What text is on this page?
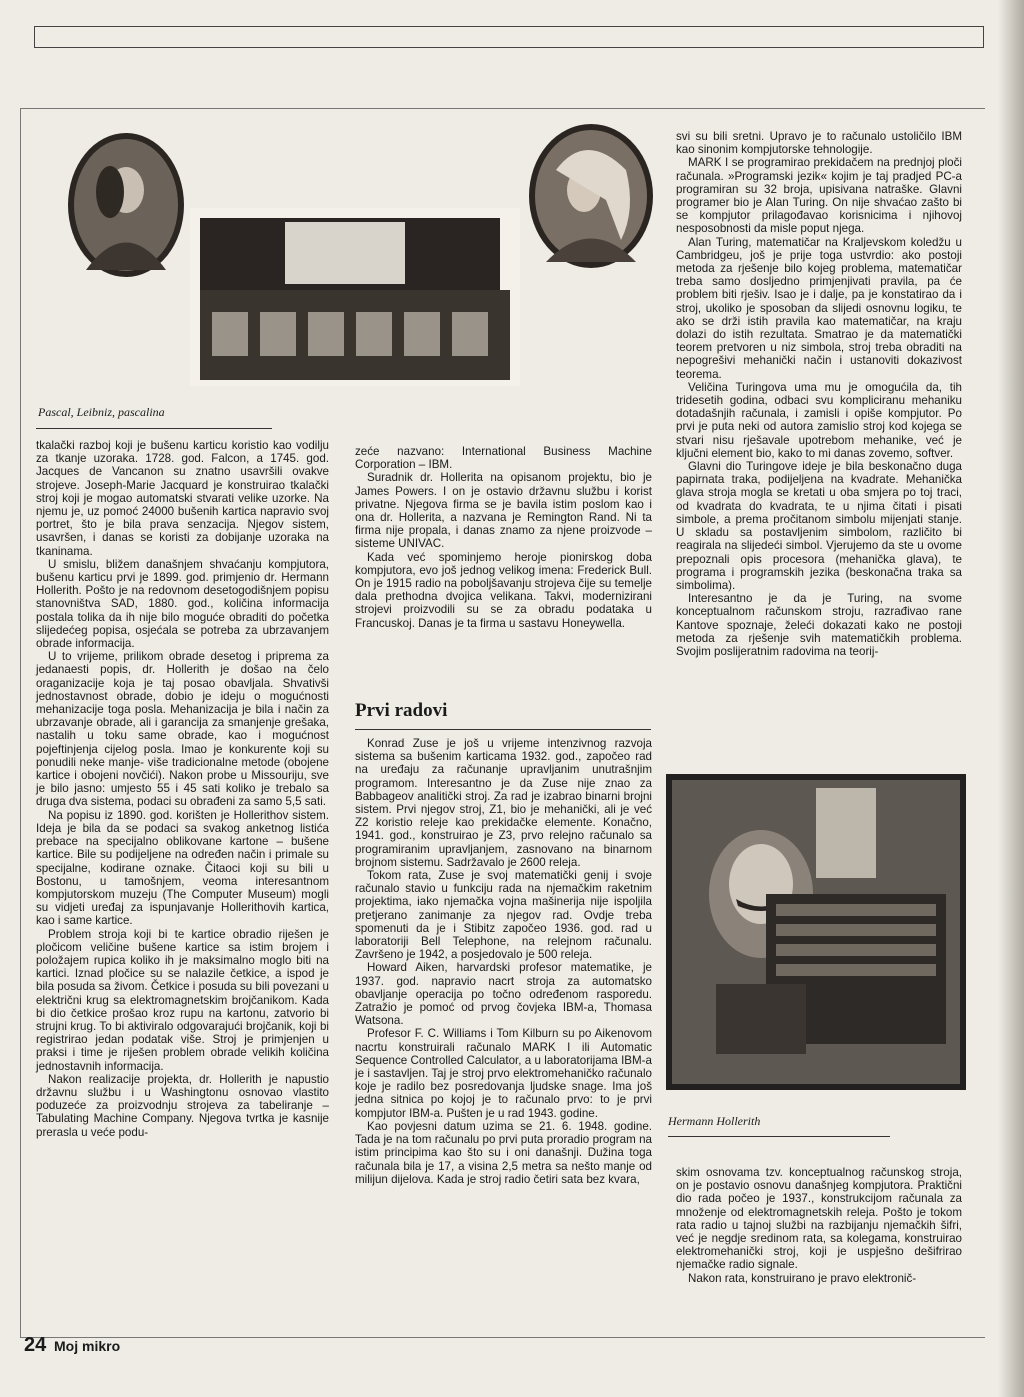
Pascal, Leibniz, pascalina

tkalački razboj koji je bušenu karticu koristio kao vodilju za tkanje uzoraka. 1728. god. Falcon, a 1745. god. Jacques de Vancanon su znatno usavršili ovakve strojeve. Joseph-Marie Jacquard je konstruirao tkalački stroj koji je mogao automatski stvarati velike uzorke. Na njemu je, uz pomoć 24000 bušenih kartica napravio svoj portret, što je bila prava senzacija. Njegov sistem, usavršen, i danas se koristi za dobijanje uzoraka na tkaninama.

U smislu, bližem današnjem shvaćanju kompjutora, bušenu karticu prvi je 1899. god. primjenio dr. Hermann Hollerith. Pošto je na redovnom desetogodišnjem popisu stanovništva SAD, 1880. god., količina informacija postala tolika da ih nije bilo moguće obraditi do početka slijedećeg popisa, osjećala se potreba za ubrzavanjem obrade informacija.

U to vrijeme, prilikom obrade desetog i pripremа za jedanaesti popis, dr. Hollerith je došao na čelo oraganizacije koja je taj posao obavljala. Shvativši jednostavnost obrade, dobio je ideju o mogućnosti mehanizacije toga posla. Mehanizacija je bila i način za ubrzavanje obrade, ali i garancija za smanjenje grešaka, nastalih u toku same obrade, kao i mogućnost pojeftinjenja cijelog posla. Imao je konkurente koji su ponudili neke manje- više tradicionalne metode (obojene kartice i obojeni novčići). Nakon probe u Missouriju, sve je bilo jasno: umjesto 55 i 45 sati koliko je trebalo sa druga dva sistema, podaci su obrađeni za samo 5,5 sati.

Na popisu iz 1890. god. korišten je Hollerithov sistem. Ideja je bila da se podaci sa svakog anketnog listića prebace na specijalno oblikovane kartone – bušene kartice. Bile su podijeljene na određen način i primale su specijalne, kodirane oznake. Čitaoci koji su bili u Bostonu, u tamošnjem, veoma interesantnom kompjutorskom muzeju (The Computer Museum) mogli su vidjeti uređaj za ispunjavanje Hollerithovih kartica, kao i same kartice.

Problem stroja koji bi te kartice obradio riješen je pločicom veličine bušene kartice sa istim brojem i položajem rupica koliko ih je maksimalno moglo biti na kartici. Iznad pločice su se nalazile četkice, a ispod je bila posuda sa živom. Četkice i posuda su bili povezani u električni krug sa elektromagnetskim brojčanikom. Kada bi dio četkice prošao kroz rupu na kartonu, zatvorio bi strujni krug. To bi aktiviralo odgovarajući brojčanik, koji bi registrirao jedan podatak više. Stroj je primjenjen u praksi i time je riješen problem obrade velikih količina jednostavnih informacija.

Nakon realizacije projekta, dr. Hollerith je napustio državnu službu i u Washingtonu osnovao vlastito poduzeće za proizvodnju strojeva za tabeliranje – Tabulating Machine Company. Njegova tvrtka je kasnije prerasla u veće podu-

zeće nazvano: International Business Machine Corporation – IBM.

Suradnik dr. Hollerita na opisanom projektu, bio je James Powers. I on je ostavio državnu službu i korist privatne. Njegova firma se je bavila istim poslom kao i ona dr. Hollerita, a nazvana je Remington Rand. Ni ta firma nije propala, i danas znamo za njene proizvode – sisteme UNIVAC.

Kada već spominjemo heroje pionirskog doba kompjutora, evo još jednog velikog imena: Frederick Bull. On je 1915 radio na poboljšavanju strojeva čije su temelje dala prethodna dvojica velikana. Takvi, modernizirani strojevi proizvodili su se za obradu podataka u Francuskoj. Danas je ta firma u sastavu Honeywella.

Prvi radovi

Konrad Zuse je još u vrijeme intenzivnog razvoja sistema sa bušenim karticama 1932. god., započeo rad na uređaju za računanje upravljanim unutrašnjim programom. Interesantno je da Zuse nije znao za Babbageov analitički stroj. Za rad je izabrao binarni brojni sistem. Prvi njegov stroj, Z1, bio je mehanički, ali je već Z2 koristio releje kao prekidačke elemente. Konačno, 1941. god., konstruirao je Z3, prvo relejno računalo sa programiranim upravljanjem, zasnovano na binarnom brojnom sistemu. Sadržavalo je 2600 releja.

Tokom rata, Zuse je svoj matematički genij i svoje računalo stavio u funkciju rada na njemačkim raketnim projektima, iako njemačka vojna mašinerija nije ispoljila pretjerano zanimanje za njegov rad. Ovdje treba spomenuti da je i Stibitz započeo 1936. god. rad u laboratoriji Bell Telephone, na relejnom računalu. Završeno je 1942, a posjedovalo je 500 releja.

Howard Aiken, harvardski profesor matematike, je 1937. god. napravio nacrt stroja za automatsko obavljanje operacija po točno određenom rasporedu. Zatražio je pomoć od prvog čovjeka IBM-a, Thomasa Watsona.

Profesor F. C. Williams i Tom Kilburn su po Aikenovom nacrtu konstruirali računalo MARK I ili Automatic Sequence Controlled Calculator, a u laboratorijama IBM-a je i sastavljen. Taj je stroj prvo elektromehaničko računalo koje je radilo bez posredovanja ljudske snage. Ima još jedna sitnica po kojoj je to računalo prvo: to je prvi kompjutor IBM-a. Pušten je u rad 1943. godine.

Kao povjesni datum uzima se 21. 6. 1948. godine. Tada je na tom računalu po prvi puta proradio program na istim principima kao što su i oni današnji. Dužina toga računala bila je 17, a visina 2,5 metra sa nešto manje od milijun dijelova. Kada je stroj radio četiri sata bez kvara,

svi su bili sretni. Upravo je to računalo ustoličilo IBM kao sinonim kompjutorske tehnologije.

MARK I se programirao prekidačem na prednjoj ploči računala. »Programski jezik« kojim je taj pradjed PC-a programiran su 32 broja, upisivana natraške. Glavni programer bio je Alan Turing. On nije shvaćao zašto bi se kompjutor prilagođavao korisnicima i njihovoj nesposobnosti da misle poput njega.

Alan Turing, matematičar na Kraljevskom koledžu u Cambridgeu, još je prije toga ustvrdio: ako postoji metoda za rješenje bilo kojeg problema, matematičar treba samo dosljedno primjenjivati pravila, pa će problem biti rješiv. Isao je i dalje, pa je konstatirao da i stroj, ukoliko je sposoban da slijedi osnovnu logiku, te ako se drži istih pravila kao matematičar, na kraju dolazi do istih rezultata. Smatrao je da matematički teorem pretvoren u niz simbola, stroj treba obraditi na nepogrešivi mehanički način i ustanoviti dokazivost teorema.

Veličina Turingova uma mu je omogućila da, tih tridesetih godina, odbaci svu kompliciranu mehaniku dotadašnjih računala, i zamisli i opiše kompjutor. Po prvi je puta neki od autora zamislio stroj kod kojega se stvari nisu rješavale upotrebom mehanike, već je ključni element bio, kako to mi danas zovemo, softver.

Glavni dio Turingove ideje je bila beskonačno duga papirnata traka, podijeljena na kvadrate. Mehanička glava stroja mogla se kretati u oba smjera po toj traci, od kvadrata do kvadrata, te u njima čitati i pisati simbole, a prema pročitanom simbolu mijenjati stanje. U skladu sa postavljenim simbolom, različito bi reagirala na slijedeći simbol. Vjerujemo da ste u ovome prepoznali opis procesora (mehanička glava), te programa i programskih jezika (beskonačna traka sa simbolima).

Interesantno je da je Turing, na svome konceptualnom računskom stroju, razrađivao rane Kantove spoznaje, želeći dokazati kako ne postoji metoda za rješenje svih matematičkih problema. Svojim poslijeratnim radovima na teorij-

Hermann Hollerith

skim osnovama tzv. konceptualnog računskog stroja, on je postavio osnovu današnjeg kompjutora. Praktični dio rada počeo je 1937., konstrukcijom računala za množenje od elektromagnetskih releja. Pošto je tokom rata radio u tajnoj službi na razbijanju njemačkih šifri, već je negdje sredinom rata, sa kolegama, konstruirao elektromehanički stroj, koji je uspješno dešifrirao njemačke radio signale.

Nakon rata, konstruirano je pravo elektronič-

24 Moj mikro
